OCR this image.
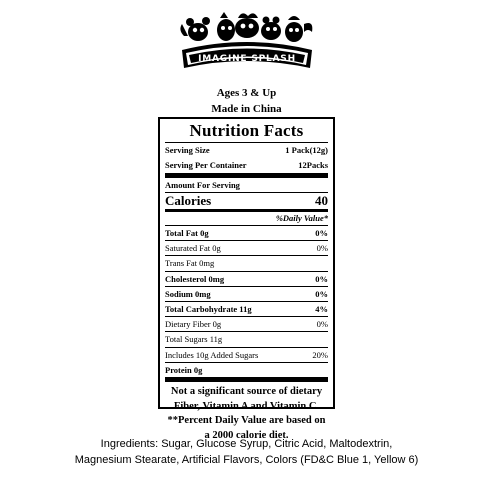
IMAGINE SPLASH
Ages 3 & Up
Made in China
Nutrition Facts
Serving Size	1 Pack(12g)
Serving Per Container	12Packs
Amount For Serving
Calories	40
%Daily Value*
Total Fat 0g	0%
Saturated Fat 0g	0%
Trans Fat 0mg
Cholesterol 0mg	0%
Sodium 0mg	0%
Total Carbohydrate 11g	4%
Dietary Fiber 0g	0%
Total Sugars 11g
Includes 10g Added Sugars	20%
Protein 0g
Not a significant source of dietary Fiber, Vitamin A and Vitamin C.
**Percent Daily Value are based on a 2000 calorie diet.
Ingredients: Sugar, Glucose Syrup, Citric Acid, Maltodextrin,
Magnesium Stearate, Artificial Flavors, Colors (FD&C Blue 1, Yellow 6)
